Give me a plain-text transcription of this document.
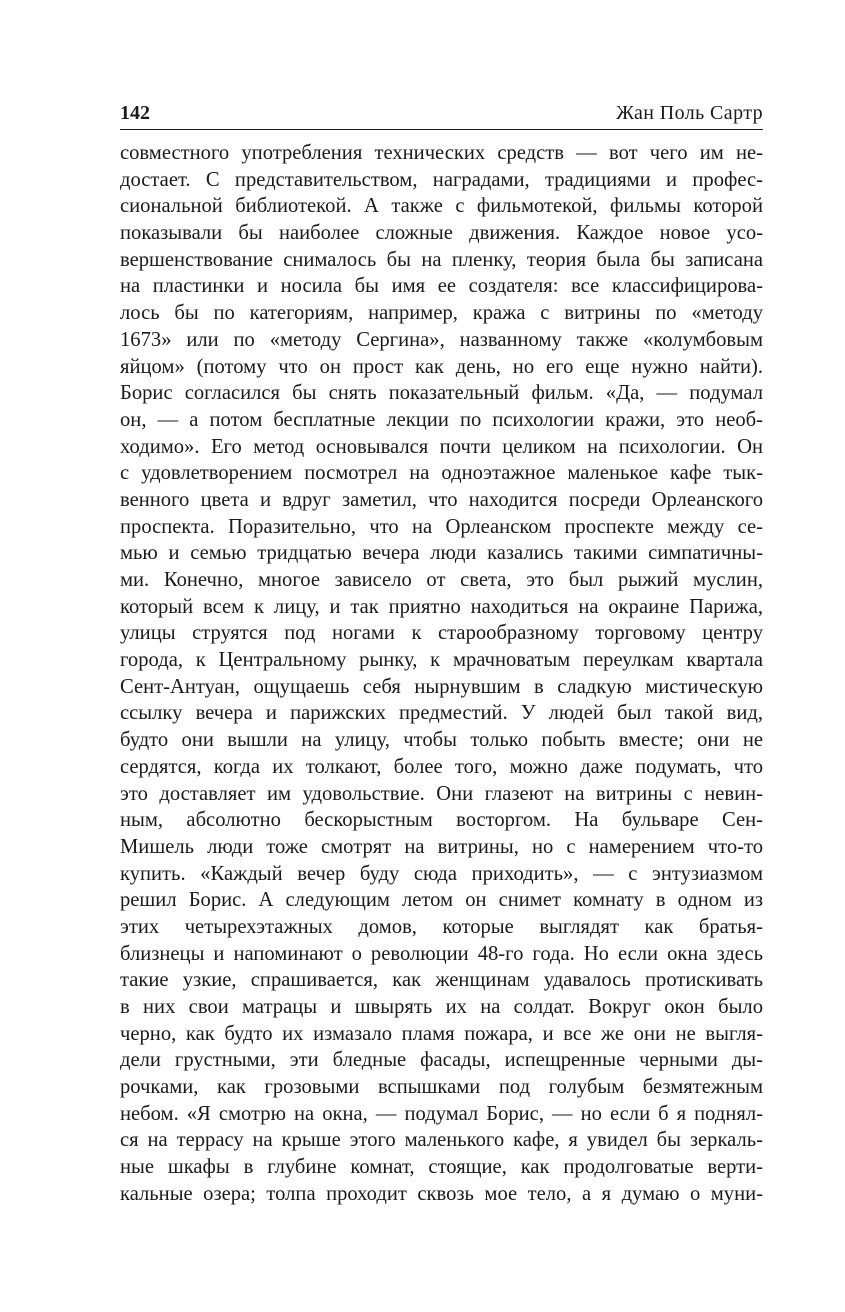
142	Жан Поль Сартр
совместного употребления технических средств — вот чего им не-
достает. С представительством, наградами, традициями и профес-
сиональной библиотекой. А также с фильмотекой, фильмы которой
показывали бы наиболее сложные движения. Каждое новое усо-
вершенствование снималось бы на пленку, теория была бы записана
на пластинки и носила бы имя ее создателя: все классифицирова-
лось бы по категориям, например, кража с витрины по «методу
1673» или по «методу Сергина», названному также «колумбовым
яйцом» (потому что он прост как день, но его еще нужно найти).
Борис согласился бы снять показательный фильм. «Да, — подумал
он, — а потом бесплатные лекции по психологии кражи, это необ-
ходимо». Его метод основывался почти целиком на психологии. Он
с удовлетворением посмотрел на одноэтажное маленькое кафе тык-
венного цвета и вдруг заметил, что находится посреди Орлеанского
проспекта. Поразительно, что на Орлеанском проспекте между се-
мью и семью тридцатью вечера люди казались такими симпатичны-
ми. Конечно, многое зависело от света, это был рыжий муслин,
который всем к лицу, и так приятно находиться на окраине Парижа,
улицы струятся под ногами к старообразному торговому центру
города, к Центральному рынку, к мрачноватым переулкам квартала
Сент-Антуан, ощущаешь себя нырнувшим в сладкую мистическую
ссылку вечера и парижских предместий. У людей был такой вид,
будто они вышли на улицу, чтобы только побыть вместе; они не
сердятся, когда их толкают, более того, можно даже подумать, что
это доставляет им удовольствие. Они глазеют на витрины с невин-
ным, абсолютно бескорыстным восторгом. На бульваре Сен-
Мишель люди тоже смотрят на витрины, но с намерением что-то
купить. «Каждый вечер буду сюда приходить», — с энтузиазмом
решил Борис. А следующим летом он снимет комнату в одном из
этих четырехэтажных домов, которые выглядят как братья-
близнецы и напоминают о революции 48-го года. Но если окна здесь
такие узкие, спрашивается, как женщинам удавалось протискивать
в них свои матрацы и швырять их на солдат. Вокруг окон было
черно, как будто их измазало пламя пожара, и все же они не выгля-
дели грустными, эти бледные фасады, испещренные черными ды-
рочками, как грозовыми вспышками под голубым безмятежным
небом. «Я смотрю на окна, — подумал Борис, — но если б я поднял-
ся на террасу на крыше этого маленького кафе, я увидел бы зеркаль-
ные шкафы в глубине комнат, стоящие, как продолговатые верти-
кальные озера; толпа проходит сквозь мое тело, а я думаю о муни-
